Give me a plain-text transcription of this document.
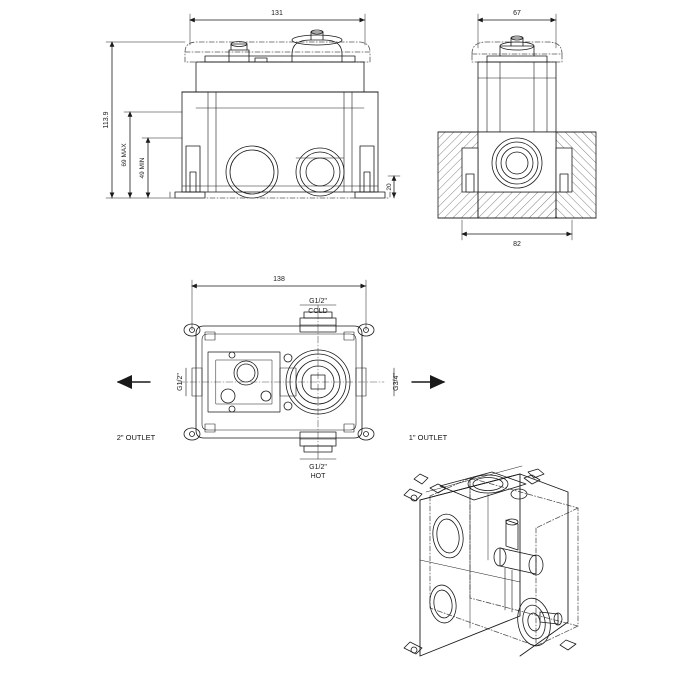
131
113.9
69 MAX
49 MIN
20
67
82
138
G1/2"
COLD
G1/2"
HOT
G1/2"
2" OUTLET
G3/4"
1" OUTLET
